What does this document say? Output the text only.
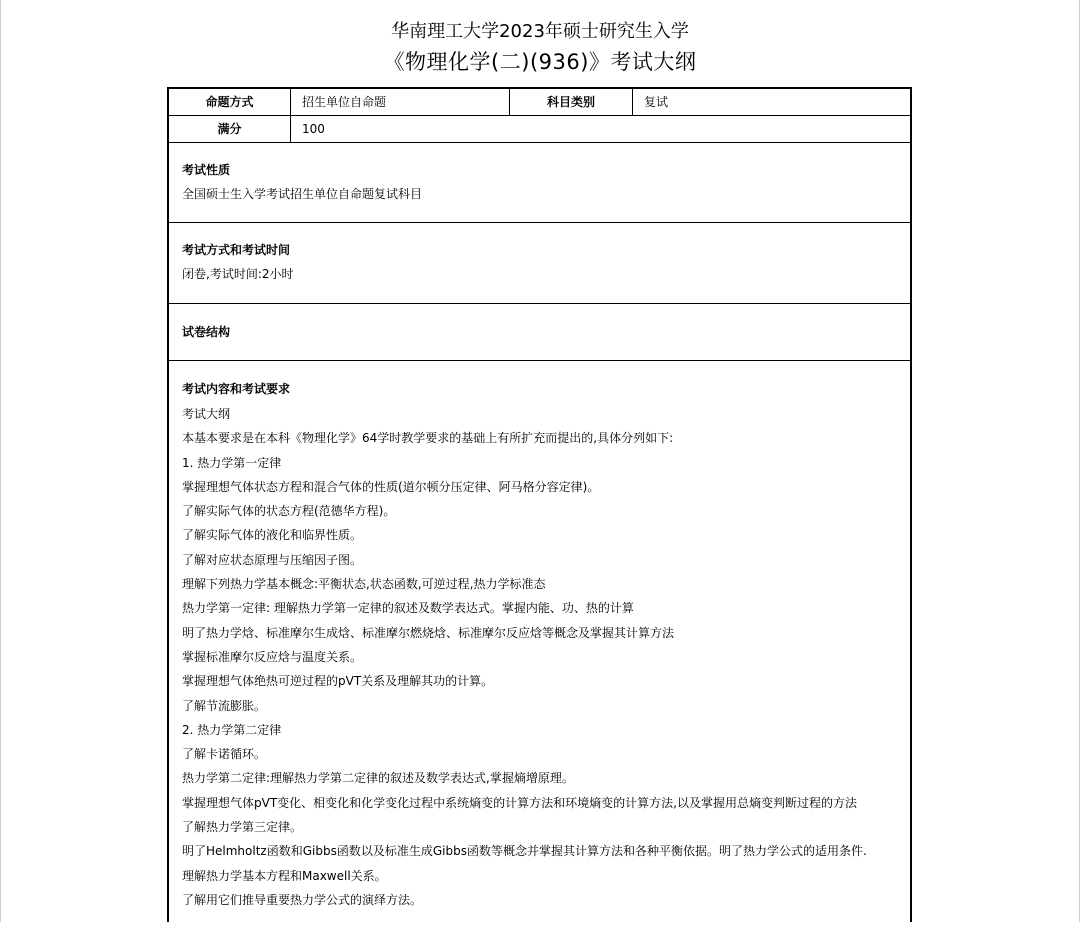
华南理工大学2023年硕士研究生入学
《物理化学(二)(936)》考试大纲
命题方式	招生单位自命题	科目类别	复试
满分	100
考试性质
全国硕士生入学考试招生单位自命题复试科目
考试方式和考试时间
闭卷,考试时间:2小时
试卷结构
考试内容和考试要求
考试大纲
本基本要求是在本科《物理化学》64学时教学要求的基础上有所扩充而提出的,具体分列如下:
1. 热力学第一定律
掌握理想气体状态方程和混合气体的性质(道尔顿分压定律、阿马格分容定律)。
了解实际气体的状态方程(范德华方程)。
了解实际气体的液化和临界性质。
了解对应状态原理与压缩因子图。
理解下列热力学基本概念:平衡状态,状态函数,可逆过程,热力学标准态
热力学第一定律: 理解热力学第一定律的叙述及数学表达式。掌握内能、功、热的计算
明了热力学焓、标准摩尔生成焓、标准摩尔燃烧焓、标准摩尔反应焓等概念及掌握其计算方法
掌握标准摩尔反应焓与温度关系。
掌握理想气体绝热可逆过程的pVT关系及理解其功的计算。
了解节流膨胀。
2. 热力学第二定律
了解卡诺循环。
热力学第二定律:理解热力学第二定律的叙述及数学表达式,掌握熵增原理。
掌握理想气体pVT变化、相变化和化学变化过程中系统熵变的计算方法和环境熵变的计算方法,以及掌握用总熵变判断过程的方法
了解热力学第三定律。
明了Helmholtz函数和Gibbs函数以及标准生成Gibbs函数等概念并掌握其计算方法和各种平衡依据。明了热力学公式的适用条件.
理解热力学基本方程和Maxwell关系。
了解用它们推导重要热力学公式的演绎方法。
